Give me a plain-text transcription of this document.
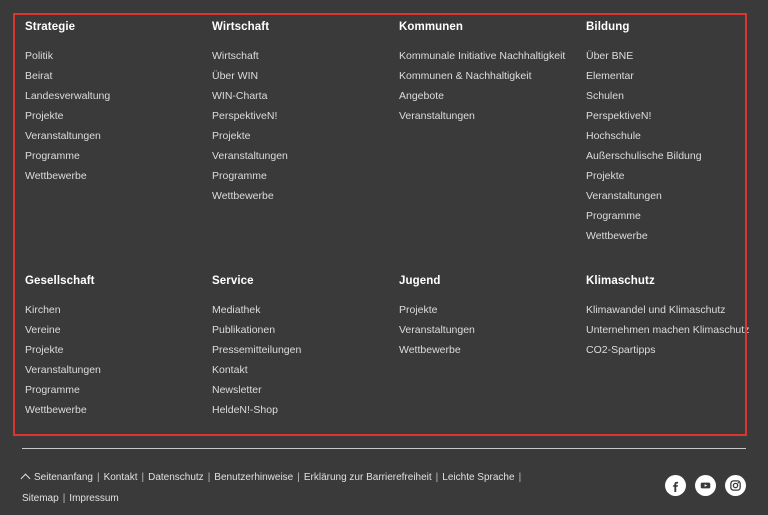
Strategie
Politik
Beirat
Landesverwaltung
Projekte
Veranstaltungen
Programme
Wettbewerbe
Wirtschaft
Wirtschaft
Über WIN
WIN-Charta
PerspektiveN!
Projekte
Veranstaltungen
Programme
Wettbewerbe
Kommunen
Kommunale Initiative Nachhaltigkeit
Kommunen & Nachhaltigkeit
Angebote
Veranstaltungen
Bildung
Über BNE
Elementar
Schulen
PerspektiveN!
Hochschule
Außerschulische Bildung
Projekte
Veranstaltungen
Programme
Wettbewerbe
Gesellschaft
Kirchen
Vereine
Projekte
Veranstaltungen
Programme
Wettbewerbe
Service
Mediathek
Publikationen
Pressemitteilungen
Kontakt
Newsletter
HeldeN!-Shop
Jugend
Projekte
Veranstaltungen
Wettbewerbe
Klimaschutz
Klimawandel und Klimaschutz
Unternehmen machen Klimaschutz
CO2-Spartipps
Seitenanfang | Kontakt | Datenschutz | Benutzerhinweise | Erklärung zur Barrierefreiheit | Leichte Sprache |
Sitemap | Impressum
